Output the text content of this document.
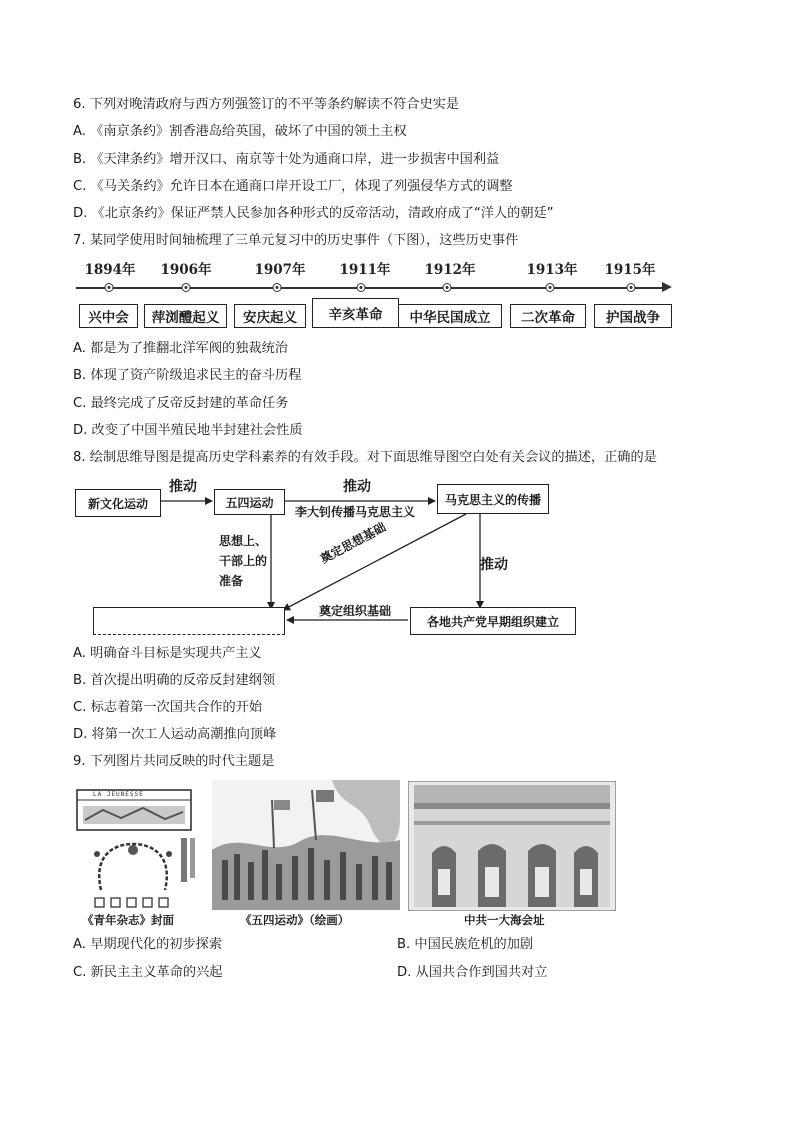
6. 下列对晚清政府与西方列强签订的不平等条约解读不符合史实是
A. 《南京条约》割香港岛给英国，破坏了中国的领土主权
B. 《天津条约》增开汉口、南京等十处为通商口岸，进一步损害中国利益
C. 《马关条约》允许日本在通商口岸开设工厂，体现了列强侵华方式的调整
D. 《北京条约》保证严禁人民参加各种形式的反帝活动，清政府成了“洋人的朝廷”
7. 某同学使用时间轴梳理了三单元复习中的历史事件（下图），这些历史事件
1894年 1906年	1907年	1911年	1912年	1913年 1915年
兴中会	萍浏醴起义	安庆起义	辛亥革命	中华民国成立	二次革命	护国战争
A. 都是为了推翻北洋军阀的独裁统治
B. 体现了资产阶级追求民主的奋斗历程
C. 最终完成了反帝反封建的革命任务
D. 改变了中国半殖民地半封建社会性质
8. 绘制思维导图是提高历史学科素养的有效手段。对下面思维导图空白处有关会议的描述，正确的是
新文化运动	五四运动	马克思主义的传播
各地共产党早期组织建立
推动	推动
推动
李大钊传播马克思主义
思想上、干部上的准备
奠定思想基础
奠定组织基础
A. 明确奋斗目标是实现共产主义
B. 首次提出明确的反帝反封建纲领
C. 标志着第一次国共合作的开始
D. 将第一次工人运动高潮推向顶峰
9. 下列图片共同反映的时代主题是
LA JEUNESSE
《青年杂志》封面	《五四运动》（绘画）	中共一大海会址
A. 早期现代化的初步探索	B. 中国民族危机的加剧
C. 新民主主义革命的兴起	D. 从国共合作到国共对立
